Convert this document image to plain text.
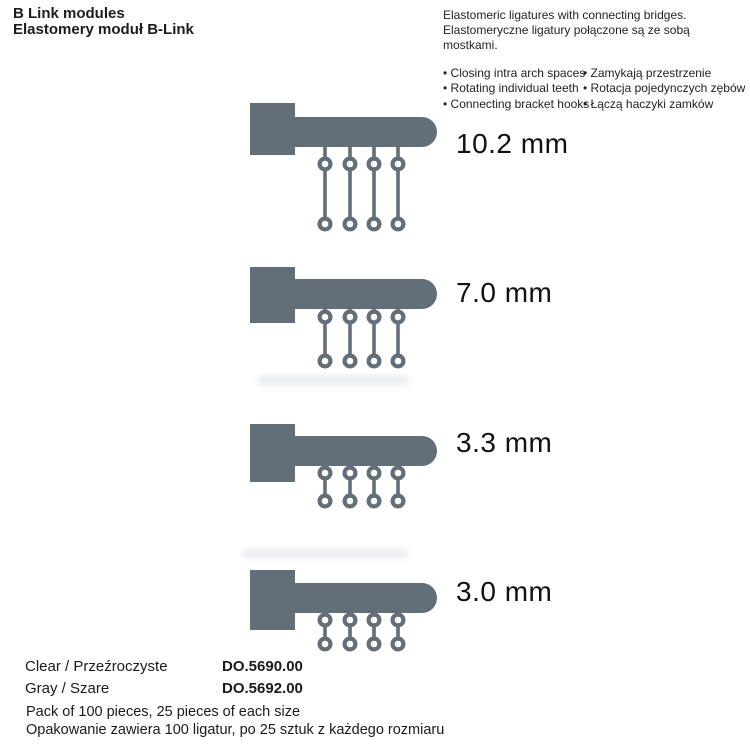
B Link modules
Elastomery moduł B-Link
Elastomeric ligatures with connecting bridges.
Elastomeryczne ligatury połączone są ze sobą mostkami.
• Closing intra arch spaces
• Rotating individual teeth
• Connecting bracket hooks
• Zamykają przestrzenie
• Rotacja pojedynczych zębów
• Łączą haczyki zamków
10.2 mm
7.0 mm
3.3 mm
3.0 mm
Clear / Przeźroczyste	DO.5690.00
Gray / Szare	DO.5692.00
Pack of 100 pieces, 25 pieces of each size
Opakowanie zawiera 100 ligatur, po 25 sztuk z każdego rozmiaru
